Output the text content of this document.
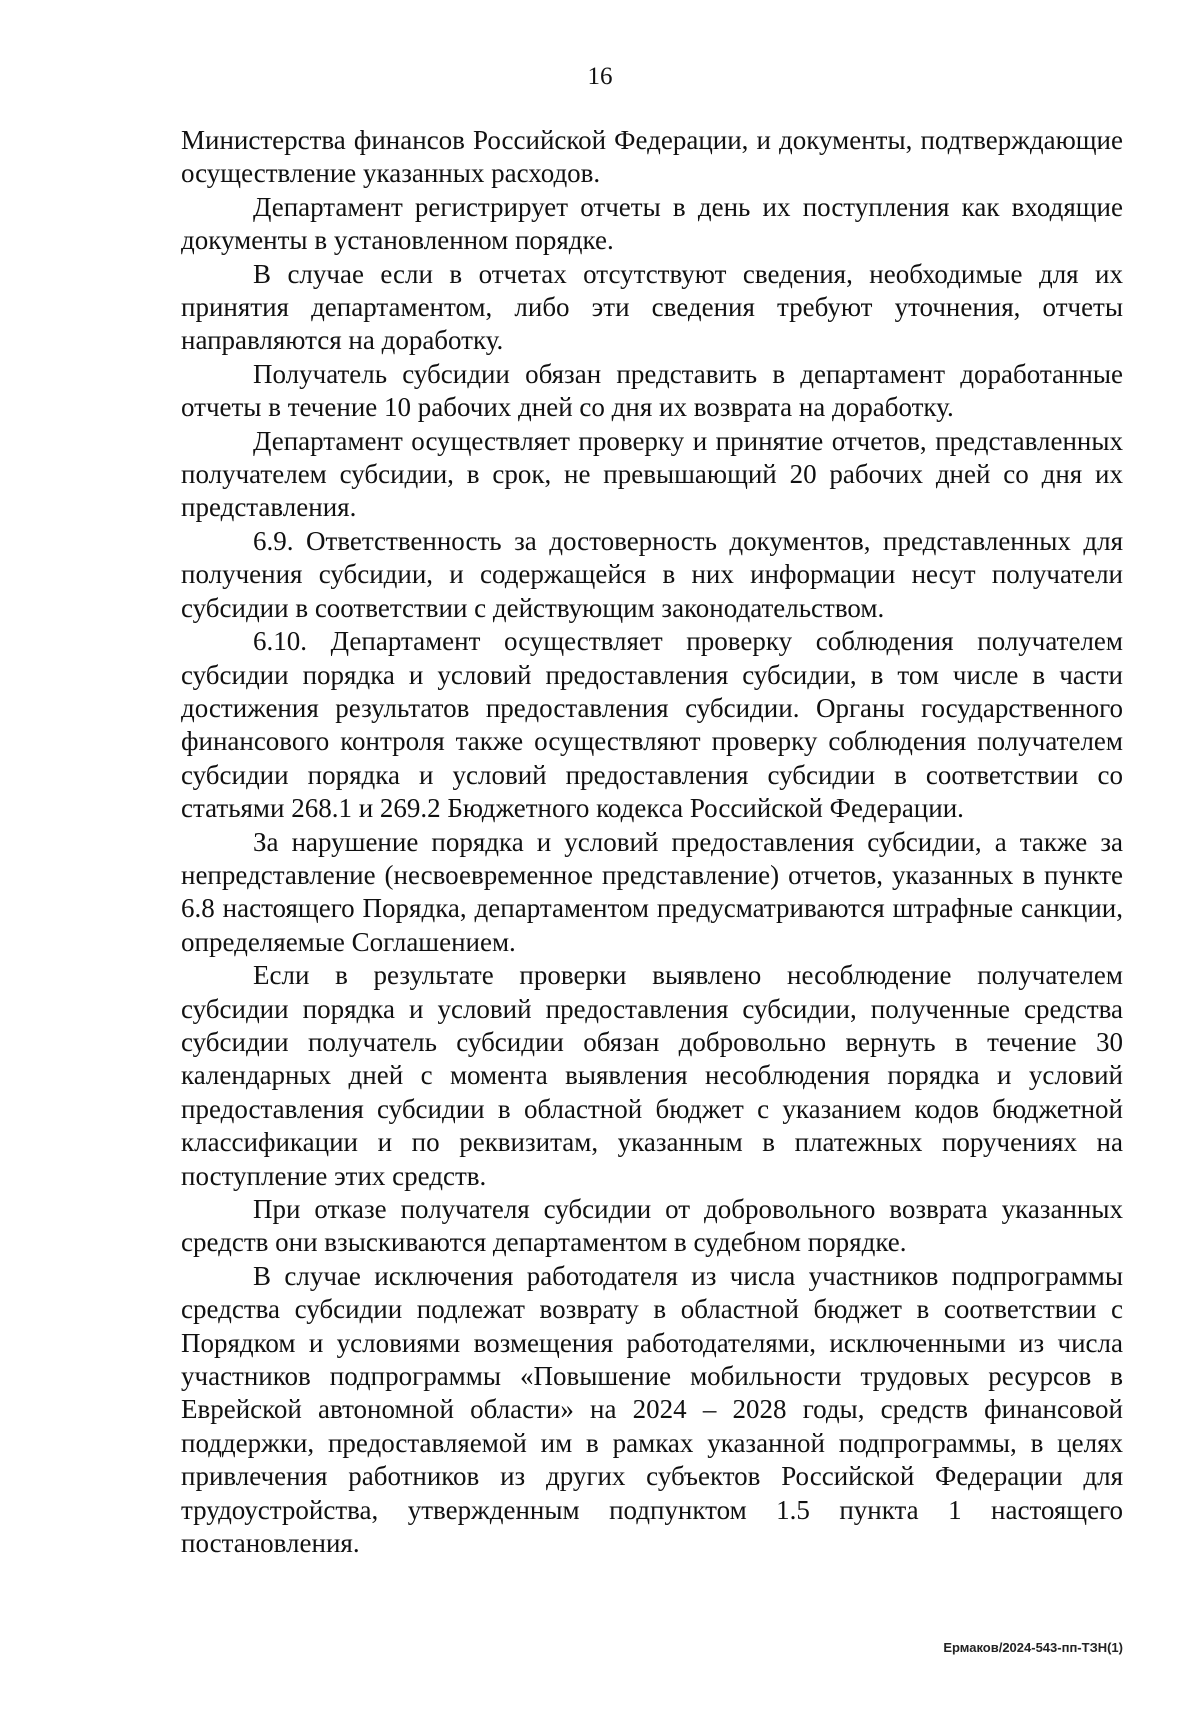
16

Министерства финансов Российской Федерации, и документы, подтверждающие осуществление указанных расходов.

Департамент регистрирует отчеты в день их поступления как входящие документы в установленном порядке.

В случае если в отчетах отсутствуют сведения, необходимые для их принятия департаментом, либо эти сведения требуют уточнения, отчеты направляются на доработку.

Получатель субсидии обязан представить в департамент доработанные отчеты в течение 10 рабочих дней со дня их возврата на доработку.

Департамент осуществляет проверку и принятие отчетов, представленных получателем субсидии, в срок, не превышающий 20 рабочих дней со дня их представления.

6.9. Ответственность за достоверность документов, представленных для получения субсидии, и содержащейся в них информации несут получатели субсидии в соответствии с действующим законодательством.

6.10. Департамент осуществляет проверку соблюдения получателем субсидии порядка и условий предоставления субсидии, в том числе в части достижения результатов предоставления субсидии. Органы государственного финансового контроля также осуществляют проверку соблюдения получателем субсидии порядка и условий предоставления субсидии в соответствии со статьями 268.1 и 269.2 Бюджетного кодекса Российской Федерации.

За нарушение порядка и условий предоставления субсидии, а также за непредставление (несвоевременное представление) отчетов, указанных в пункте 6.8 настоящего Порядка, департаментом предусматриваются штрафные санкции, определяемые Соглашением.

Если в результате проверки выявлено несоблюдение получателем субсидии порядка и условий предоставления субсидии, полученные средства субсидии получатель субсидии обязан добровольно вернуть в течение 30 календарных дней с момента выявления несоблюдения порядка и условий предоставления субсидии в областной бюджет с указанием кодов бюджетной классификации и по реквизитам, указанным в платежных поручениях на поступление этих средств.

При отказе получателя субсидии от добровольного возврата указанных средств они взыскиваются департаментом в судебном порядке.

В случае исключения работодателя из числа участников подпрограммы средства субсидии подлежат возврату в областной бюджет в соответствии с Порядком и условиями возмещения работодателями, исключенными из числа участников подпрограммы «Повышение мобильности трудовых ресурсов в Еврейской автономной области» на 2024 – 2028 годы, средств финансовой поддержки, предоставляемой им в рамках указанной подпрограммы, в целях привлечения работников из других субъектов Российской Федерации для трудоустройства, утвержденным подпунктом 1.5 пункта 1 настоящего постановления.

Ермаков/2024-543-пп-ТЗН(1)
